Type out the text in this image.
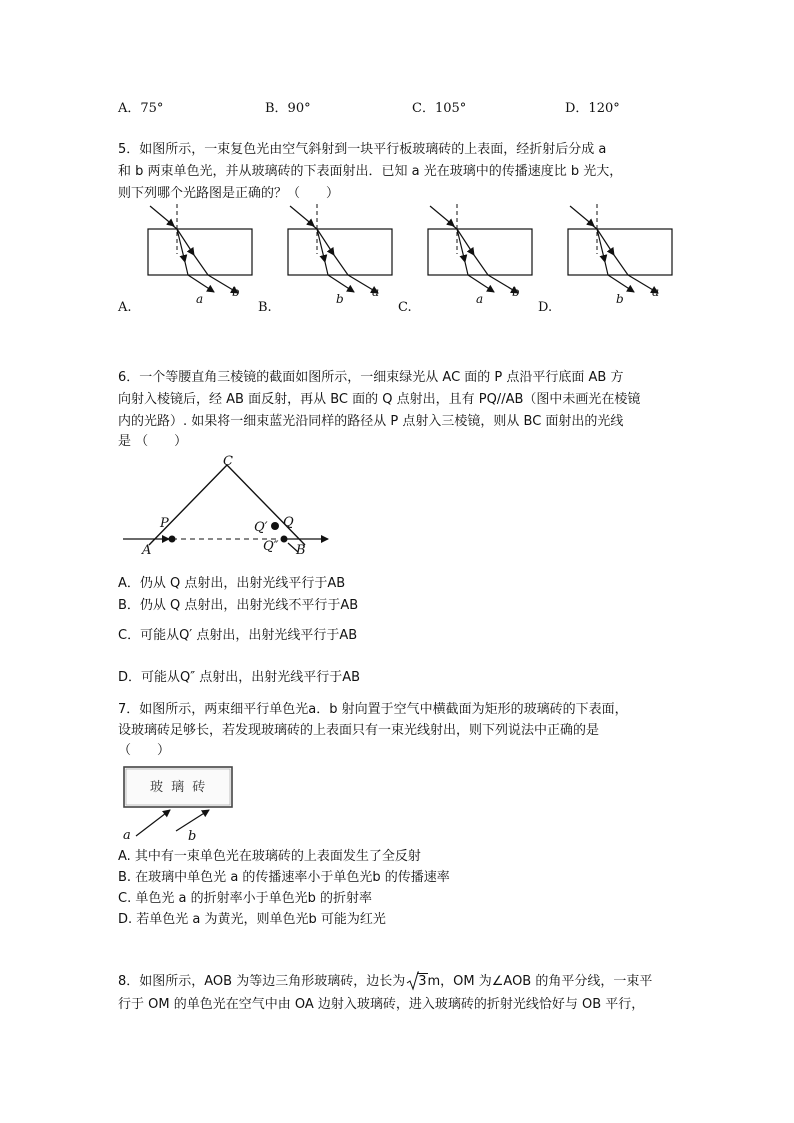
A．75°	B．90°	C．105°	D．120°
5．如图所示，一束复色光由空气斜射到一块平行板玻璃砖的上表面，经折射后分成 a
和 b 两束单色光，并从玻璃砖的下表面射出．已知 a 光在玻璃中的传播速度比 b 光大，
则下列哪个光路图是正确的？（　　）
a b	b a	a b	b a
A.	B.	C.	D.
6．一个等腰直角三棱镜的截面如图所示，一细束绿光从 AC 面的 P 点沿平行底面 AB 方
向射入棱镜后，经 AB 面反射，再从 BC 面的 Q 点射出，且有 PQ//AB（图中未画光在棱镜
内的光路）. 如果将一细束蓝光沿同样的路径从 P 点射入三棱镜，则从 BC 面射出的光线
是 （　　）
C
P	Q′ Q
Q″
A	B
A．仍从 Q 点射出，出射光线平行于AB
B．仍从 Q 点射出，出射光线不平行于AB
C．可能从Q′ 点射出，出射光线平行于AB
D．可能从Q″ 点射出，出射光线平行于AB
7．如图所示，两束细平行单色光a．b 射向置于空气中横截面为矩形的玻璃砖的下表面，
设玻璃砖足够长，若发现玻璃砖的上表面只有一束光线射出，则下列说法中正确的是
（　　）
玻 璃 砖
a	b
A. 其中有一束单色光在玻璃砖的上表面发生了全反射
B. 在玻璃中单色光 a 的传播速率小于单色光b 的传播速率
C. 单色光 a 的折射率小于单色光b 的折射率
D. 若单色光 a 为黄光，则单色光b 可能为红光
8．如图所示，AOB 为等边三角形玻璃砖，边长为 3m，OM 为∠AOB 的角平分线，一束平
行于 OM 的单色光在空气中由 OA 边射入玻璃砖，进入玻璃砖的折射光线恰好与 OB 平行，
